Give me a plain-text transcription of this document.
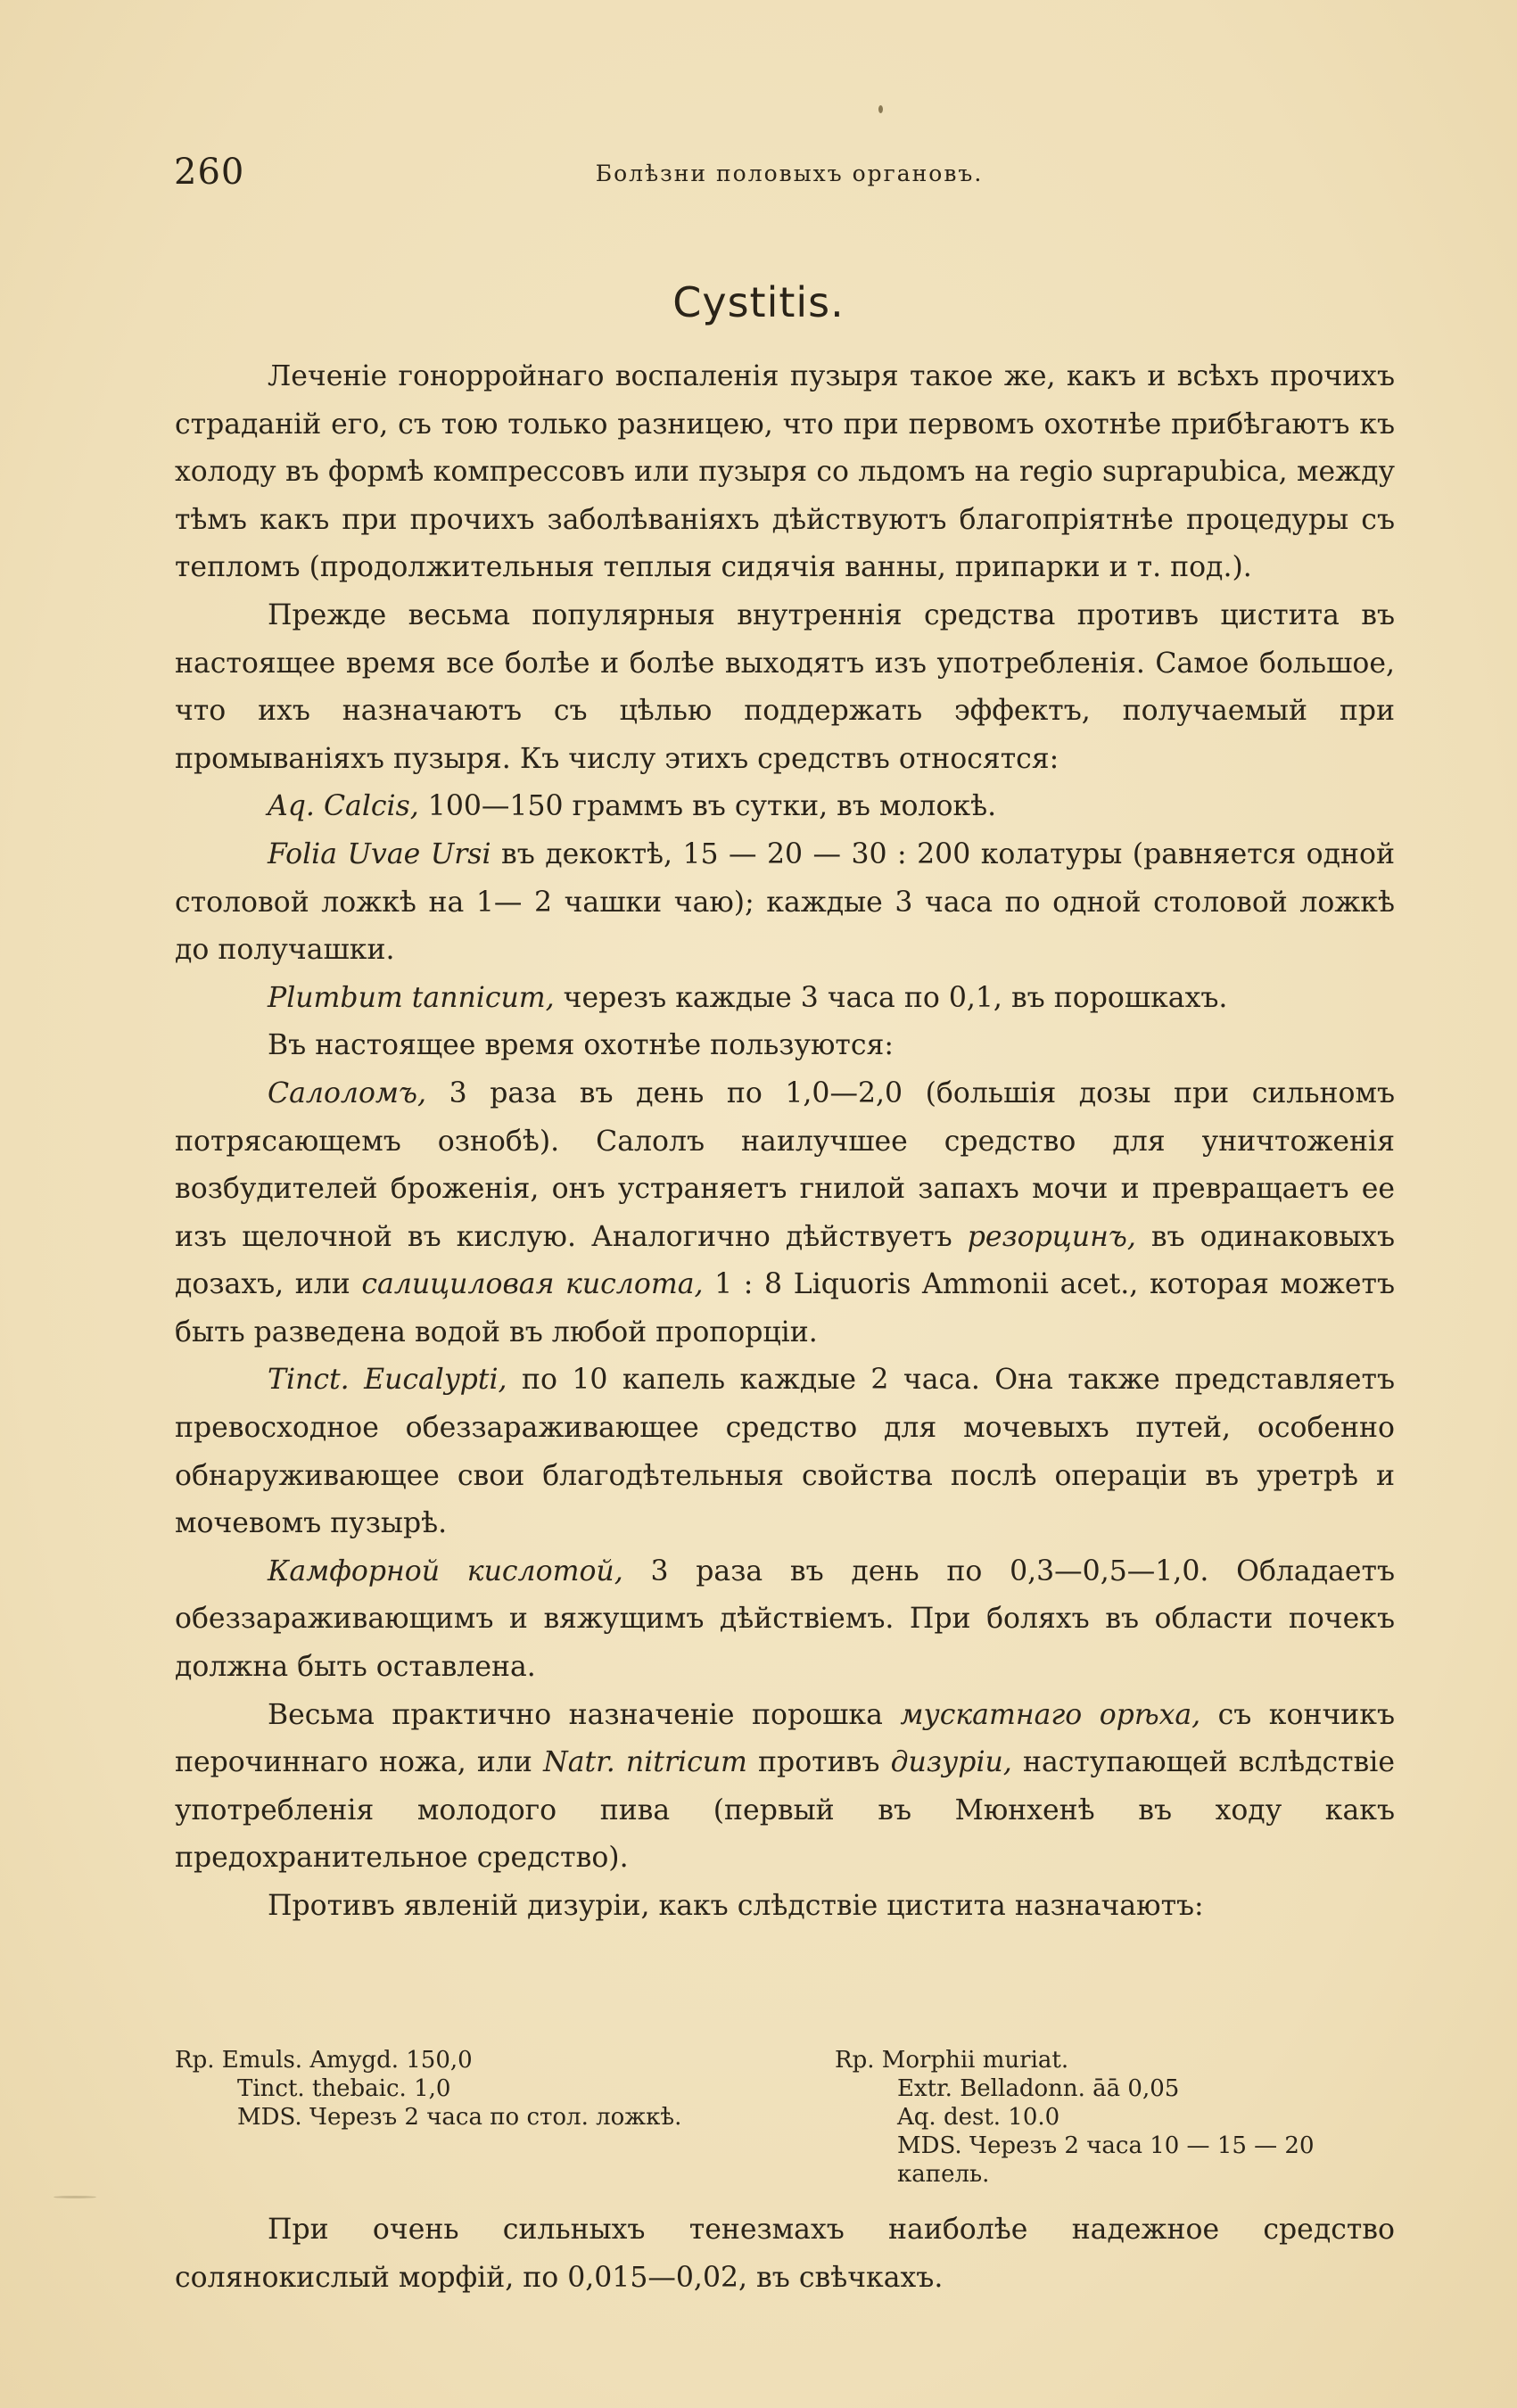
260	Болѣзни половыхъ органовъ.
Cystitis.

Леченіе гонорройнаго воспаленія пузыря такое же, какъ и всѣхъ прочихъ страданій его, съ тою только разницею, что при первомъ охотнѣе прибѣгаютъ къ холоду въ формѣ компрессовъ или пузыря со льдомъ на regio suprapubica, между тѣмъ какъ при прочихъ заболѣваніяхъ дѣйствуютъ благопріятнѣе процедуры съ тепломъ (продолжительныя теплыя сидячія ванны, припарки и т. под.).

Прежде весьма популярныя внутреннія средства противъ цистита въ настоящее время все болѣе и болѣе выходятъ изъ употребленія. Самое большое, что ихъ назначаютъ съ цѣлью поддержать эффектъ, получаемый при промываніяхъ пузыря. Къ числу этихъ средствъ относятся:

Aq. Calcis, 100—150 граммъ въ сутки, въ молокѣ.

Folia Uvae Ursi въ декоктѣ, 15 — 20 — 30 : 200 колатуры (равняется одной столовой ложкѣ на 1— 2 чашки чаю); каждые 3 часа по одной столовой ложкѣ до получашки.

Plumbum tannicum, черезъ каждые 3 часа по 0,1, въ порошкахъ.

Въ настоящее время охотнѣе пользуются:

Салоломъ, 3 раза въ день по 1,0—2,0 (большія дозы при сильномъ потрясающемъ ознобѣ). Салолъ наилучшее средство для уничтоженія возбудителей броженія, онъ устраняетъ гнилой запахъ мочи и превращаетъ ее изъ щелочной въ кислую. Аналогично дѣйствуетъ резорцинъ, въ одинаковыхъ дозахъ, или салициловая кислота, 1 : 8 Liquoris Ammonii acet., которая можетъ быть разведена водой въ любой пропорціи.

Tinct. Eucalypti, по 10 капель каждые 2 часа. Она также представляетъ превосходное обеззараживающее средство для мочевыхъ путей, особенно обнаруживающее свои благодѣтельныя свойства послѣ операціи въ уретрѣ и мочевомъ пузырѣ.

Камфорной кислотой, 3 раза въ день по 0,3—0,5—1,0. Обладаетъ обеззараживающимъ и вяжущимъ дѣйствіемъ. При боляхъ въ области почекъ должна быть оставлена.

Весьма практично назначеніе порошка мускатнаго орѣха, съ кончикъ перочиннаго ножа, или Natr. nitricum противъ дизуріи, наступающей вслѣдствіе употребленія молодого пива (первый въ Мюнхенѣ въ ходу какъ предохранительное средство).

Противъ явленій дизуріи, какъ слѣдствіе цистита назначаютъ:

Rp. Emuls. Amygd. 150,0
Tinct. thebaic. 1,0
MDS. Черезъ 2 часа по стол. ложкѣ.
Rp. Morphii muriat.
Extr. Belladonn. āā 0,05
Aq. dest. 10.0
MDS. Черезъ 2 часа 10 — 15 — 20
капель.

При очень сильныхъ тенезмахъ наиболѣе надежное средство солянокислый морфій, по 0,015—0,02, въ свѣчкахъ.
